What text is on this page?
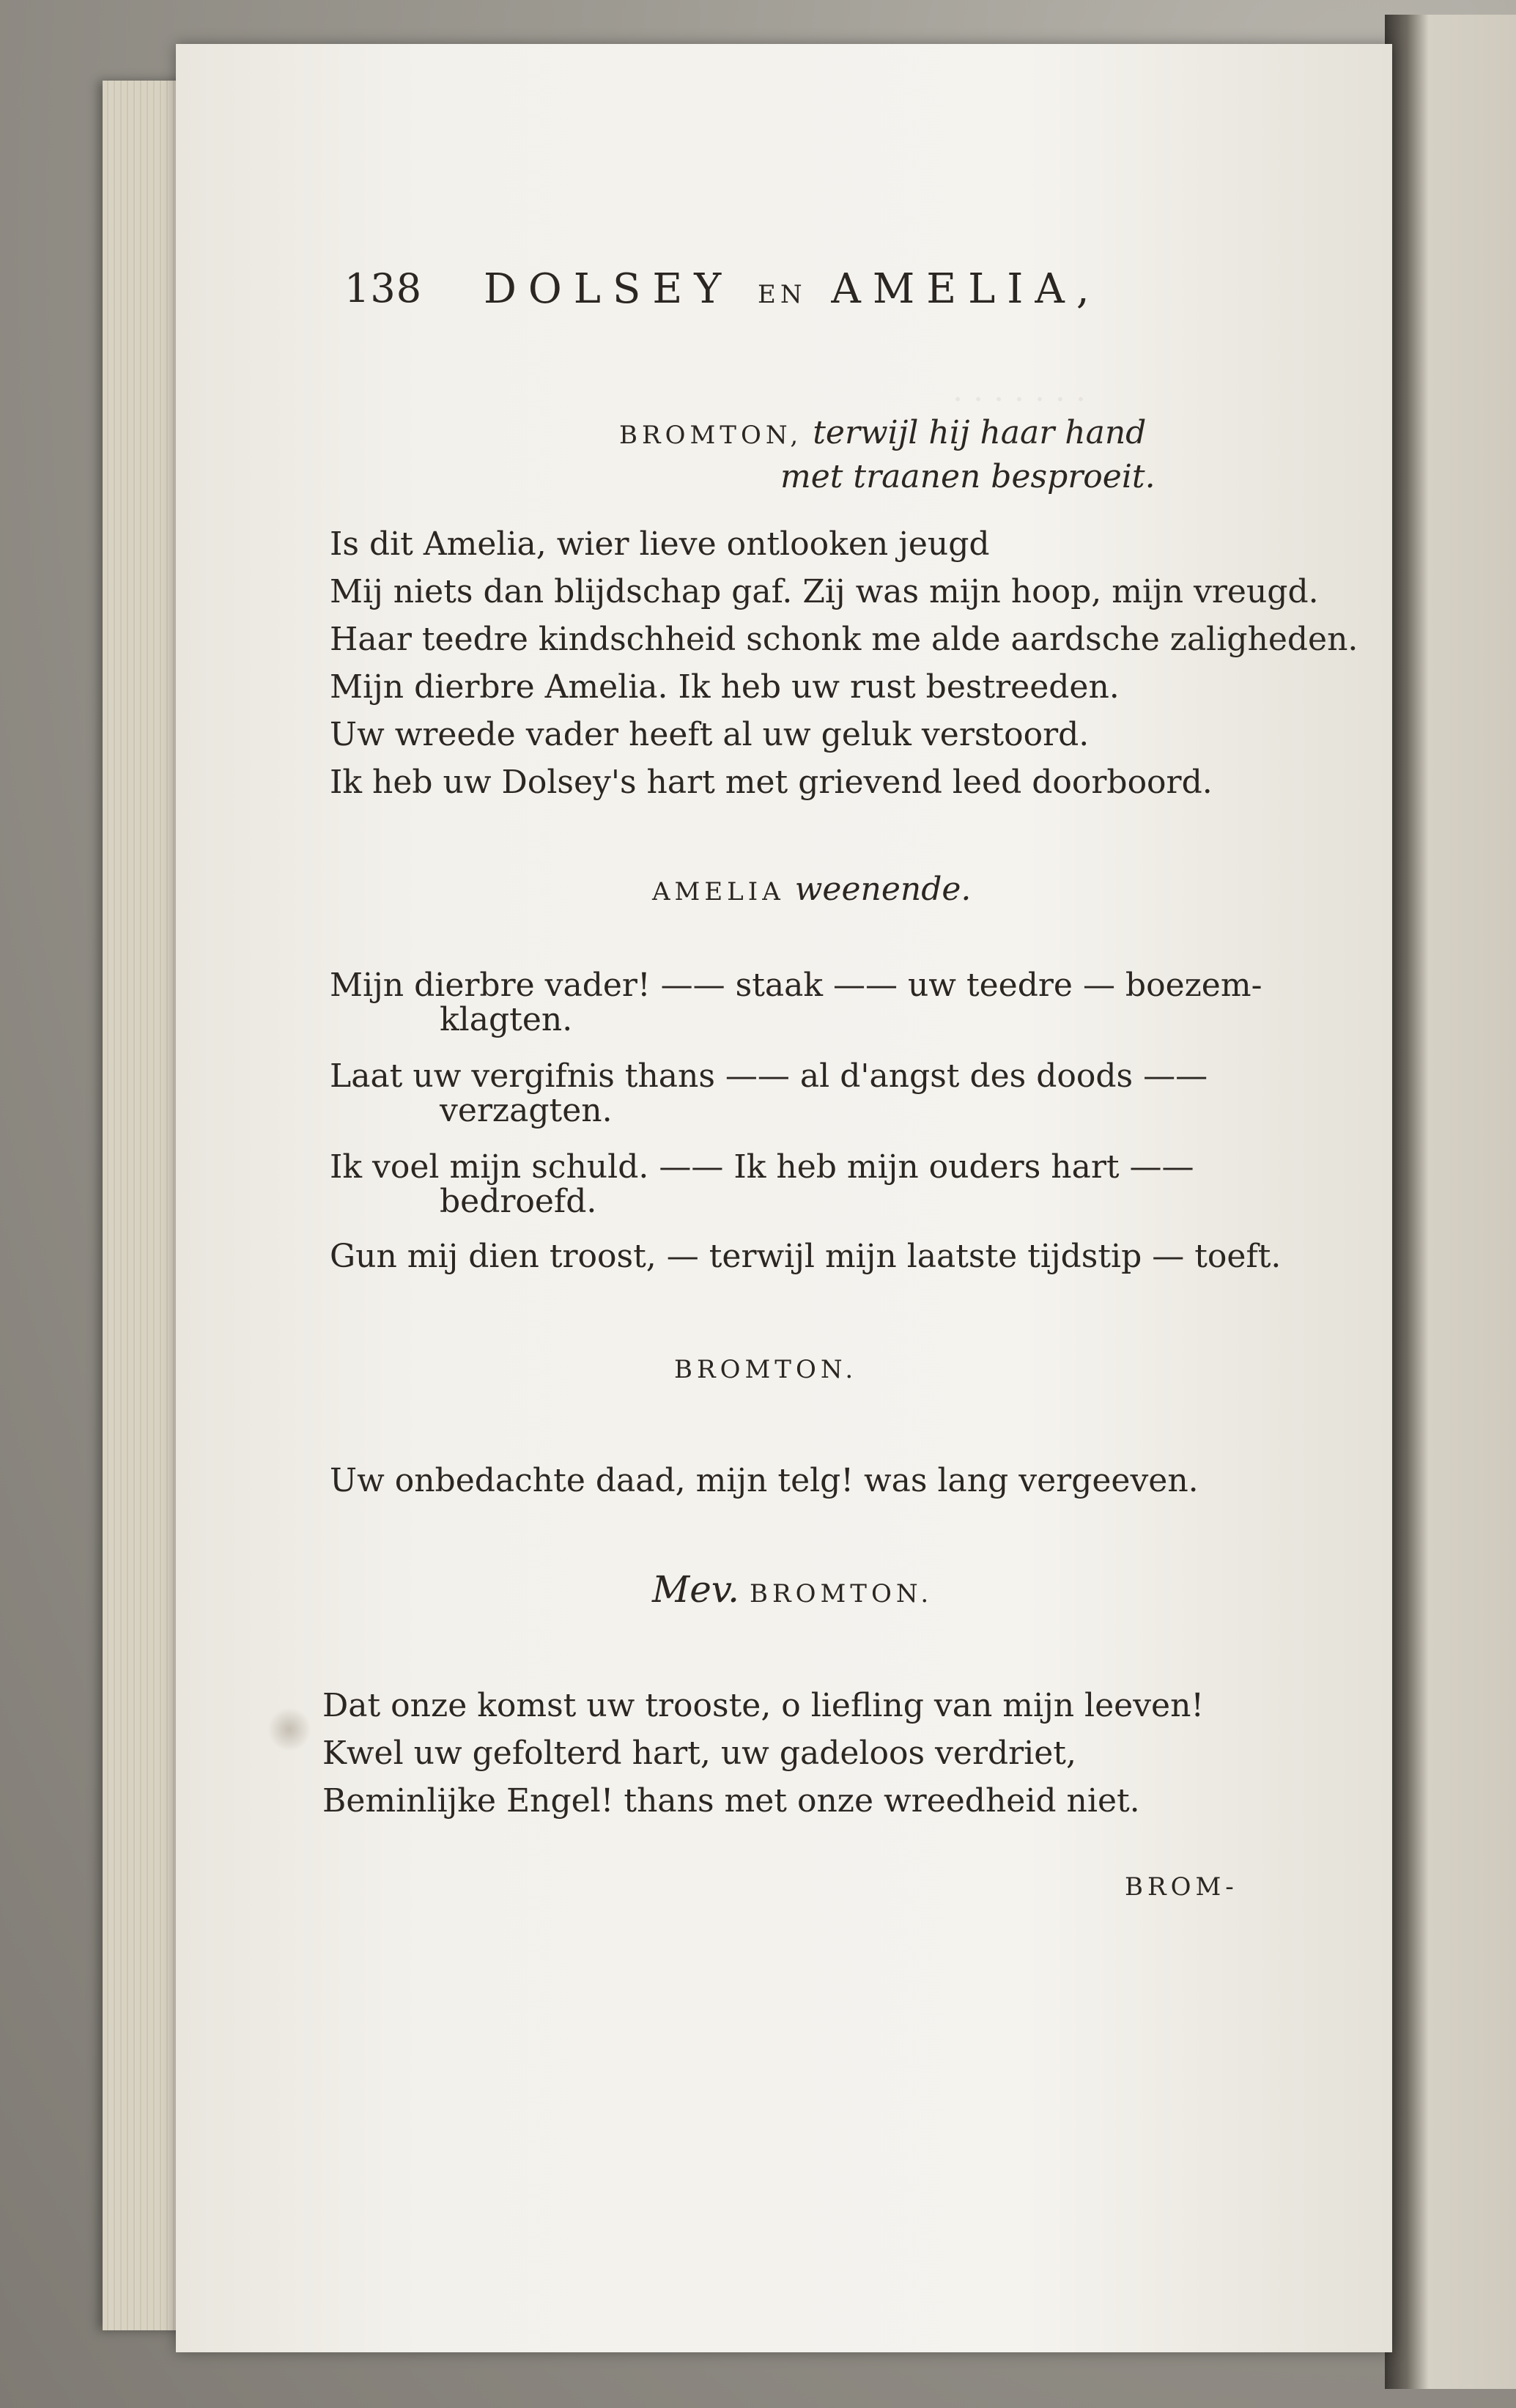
· · · · · · ·
138 DOLSEY EN AMELIA,
BROMTON, terwijl hij haar hand
met traanen besproeit.
Is dit Amelia, wier lieve ontlooken jeugd
Mij niets dan blijdschap gaf. Zij was mijn hoop, mijn vreugd.
Haar teedre kindschheid schonk me alde aardsche zaligheden.
Mijn dierbre Amelia. Ik heb uw rust bestreeden.
Uw wreede vader heeft al uw geluk verstoord.
Ik heb uw Dolsey's hart met grievend leed doorboord.
AMELIA weenende.
Mijn dierbre vader! —— staak —— uw teedre — boezem-
klagten.
Laat uw vergifnis thans —— al d'angst des doods ——
verzagten.
Ik voel mijn schuld. —— Ik heb mijn ouders hart ——
bedroefd.
Gun mij dien troost, — terwijl mijn laatste tijdstip — toeft.
BROMTON.
Uw onbedachte daad, mijn telg! was lang vergeeven.
Mev. BROMTON.
Dat onze komst uw trooste, o liefling van mijn leeven!
Kwel uw gefolterd hart, uw gadeloos verdriet,
Beminlijke Engel! thans met onze wreedheid niet.
BROM-
